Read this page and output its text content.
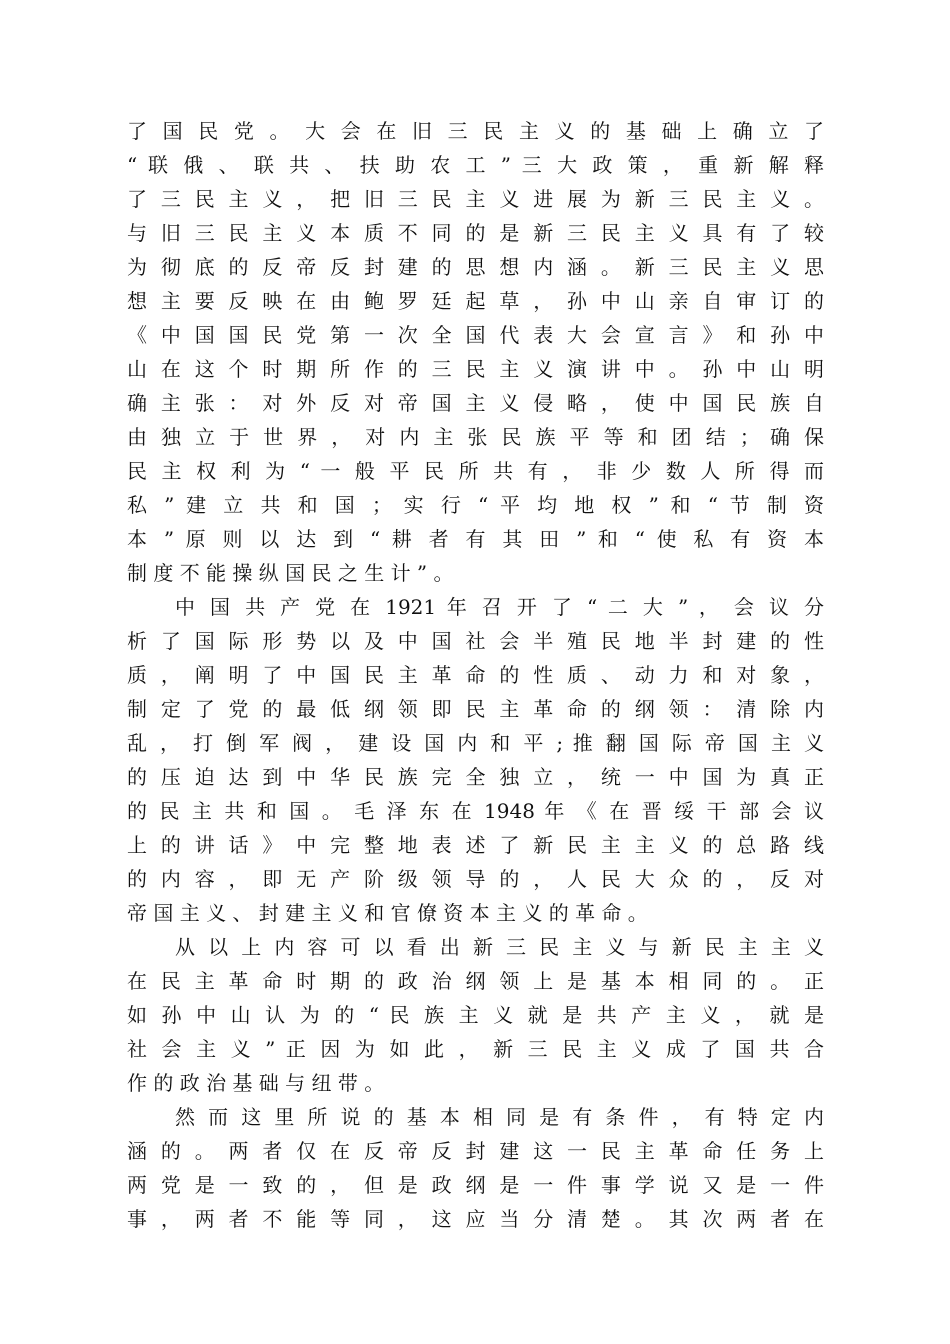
了 国 民 党 。 大 会 在 旧 三 民 主 义 的 基 础 上 确 立 了
“ 联 俄 、 联 共 、 扶 助 农 工 ” 三 大 政 策 ， 重 新 解 释
了 三 民 主 义 ， 把 旧 三 民 主 义 进 展 为 新 三 民 主 义 。
与 旧 三 民 主 义 本 质 不 同 的 是 新 三 民 主 义 具 有 了 较
为 彻 底 的 反 帝 反 封 建 的 思 想 内 涵 。 新 三 民 主 义 思
想 主 要 反 映 在 由 鲍 罗 廷 起 草 ， 孙 中 山 亲 自 审 订 的
《 中 国 国 民 党 第 一 次 全 国 代 表 大 会 宣 言 》 和 孙 中
山 在 这 个 时 期 所 作 的 三 民 主 义 演 讲 中 。 孙 中 山 明
确 主 张 ： 对 外 反 对 帝 国 主 义 侵 略 ， 使 中 国 民 族 自
由 独 立 于 世 界 ， 对 内 主 张 民 族 平 等 和 团 结 ； 确 保
民 主 权 利 为 “ 一 般 平 民 所 共 有 ， 非 少 数 人 所 得 而
私 ” 建 立 共 和 国 ； 实 行 “ 平 均 地 权 ” 和 “ 节 制 资
本 ” 原 则 以 达 到 “ 耕 者 有 其 田 ” 和 “ 使 私 有 资 本
制 度 不 能 操 纵 国 民 之 生 计 ” 。
中 国 共 产 党 在 1921 年 召 开 了 “ 二 大 ” ， 会 议 分
析 了 国 际 形 势 以 及 中 国 社 会 半 殖 民 地 半 封 建 的 性
质 ， 阐 明 了 中 国 民 主 革 命 的 性 质 、 动 力 和 对 象 ，
制 定 了 党 的 最 低 纲 领 即 民 主 革 命 的 纲 领 ： 清 除 内
乱 ， 打 倒 军 阀 ， 建 设 国 内 和 平 ; 推 翻 国 际 帝 国 主 义
的 压 迫 达 到 中 华 民 族 完 全 独 立 ， 统 一 中 国 为 真 正
的 民 主 共 和 国 。 毛 泽 东 在 1948 年 《 在 晋 绥 干 部 会 议
上 的 讲 话 》 中 完 整 地 表 述 了 新 民 主 主 义 的 总 路 线
的 内 容 ， 即 无 产 阶 级 领 导 的 ， 人 民 大 众 的 ， 反 对
帝 国 主 义 、 封 建 主 义 和 官 僚 资 本 主 义 的 革 命 。
从 以 上 内 容 可 以 看 出 新 三 民 主 义 与 新 民 主 主 义
在 民 主 革 命 时 期 的 政 治 纲 领 上 是 基 本 相 同 的 。 正
如 孙 中 山 认 为 的 “ 民 族 主 义 就 是 共 产 主 义 ， 就 是
社 会 主 义 ” 正 因 为 如 此 ， 新 三 民 主 义 成 了 国 共 合
作 的 政 治 基 础 与 纽 带 。
然 而 这 里 所 说 的 基 本 相 同 是 有 条 件 ， 有 特 定 内
涵 的 。 两 者 仅 在 反 帝 反 封 建 这 一 民 主 革 命 任 务 上
两 党 是 一 致 的 ， 但 是 政 纲 是 一 件 事 学 说 又 是 一 件
事 ， 两 者 不 能 等 同 ， 这 应 当 分 清 楚 。 其 次 两 者 在
